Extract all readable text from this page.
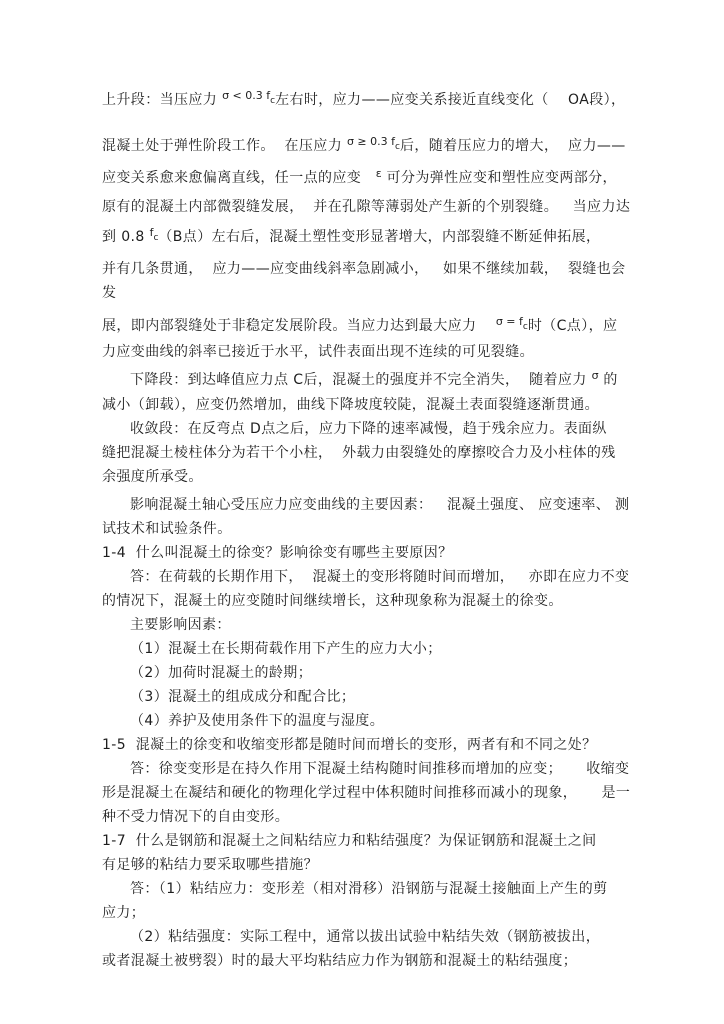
上升段：当压应力 $^{\sigma < 0.3 f_c}$左右时，应力——应变关系接近直线变化（    OA段），
混凝土处于弹性阶段工作。  在压应力 $^{\sigma \ge 0.3 f_c}$后，随着压应力的增大，  应力——
应变关系愈来愈偏离直线，任一点的应变   $^\varepsilon$ 可分为弹性应变和塑性应变两部分，
原有的混凝土内部微裂缝发展，  并在孔隙等薄弱处产生新的个别裂缝。   当应力达
到 0.8 $^{f_c}$（B点）左右后，混凝土塑性变形显著增大，内部裂缝不断延伸拓展，
并有几条贯通，  应力——应变曲线斜率急剧减小，   如果不继续加载，  裂缝也会发
展，即内部裂缝处于非稳定发展阶段。当应力达到最大应力    $^{\sigma = f_c}$时（C点），应
力应变曲线的斜率已接近于水平，试件表面出现不连续的可见裂缝。
下降段：到达峰值应力点 C后，混凝土的强度并不完全消失，  随着应力 $^\sigma$ 的
减小（卸载），应变仍然增加，曲线下降坡度较陡，混凝土表面裂缝逐渐贯通。
收敛段：在反弯点 D点之后，应力下降的速率减慢，趋于残余应力。表面纵
缝把混凝土棱柱体分为若干个小柱，  外载力由裂缝处的摩擦咬合力及小柱体的残
余强度所承受。
影响混凝土轴心受压应力应变曲线的主要因素：   混凝土强度、 应变速率、 测
试技术和试验条件。
1-4  什么叫混凝土的徐变？影响徐变有哪些主要原因？
答：在荷载的长期作用下，  混凝土的变形将随时间而增加，   亦即在应力不变
的情况下，混凝土的应变随时间继续增长，这种现象称为混凝土的徐变。
主要影响因素：
（1）混凝土在长期荷载作用下产生的应力大小；
（2）加荷时混凝土的龄期；
（3）混凝土的组成成分和配合比；
（4）养护及使用条件下的温度与湿度。
1-5  混凝土的徐变和收缩变形都是随时间而增长的变形，两者有和不同之处？
答：徐变变形是在持久作用下混凝土结构随时间推移而增加的应变；     收缩变
形是混凝土在凝结和硬化的物理化学过程中体积随时间推移而减小的现象，     是一
种不受力情况下的自由变形。
1-7  什么是钢筋和混凝土之间粘结应力和粘结强度？为保证钢筋和混凝土之间
有足够的粘结力要采取哪些措施？
答：（1）粘结应力：变形差（相对滑移）沿钢筋与混凝土接触面上产生的剪
应力；
（2）粘结强度：实际工程中，通常以拔出试验中粘结失效（钢筋被拔出，
或者混凝土被劈裂）时的最大平均粘结应力作为钢筋和混凝土的粘结强度；
